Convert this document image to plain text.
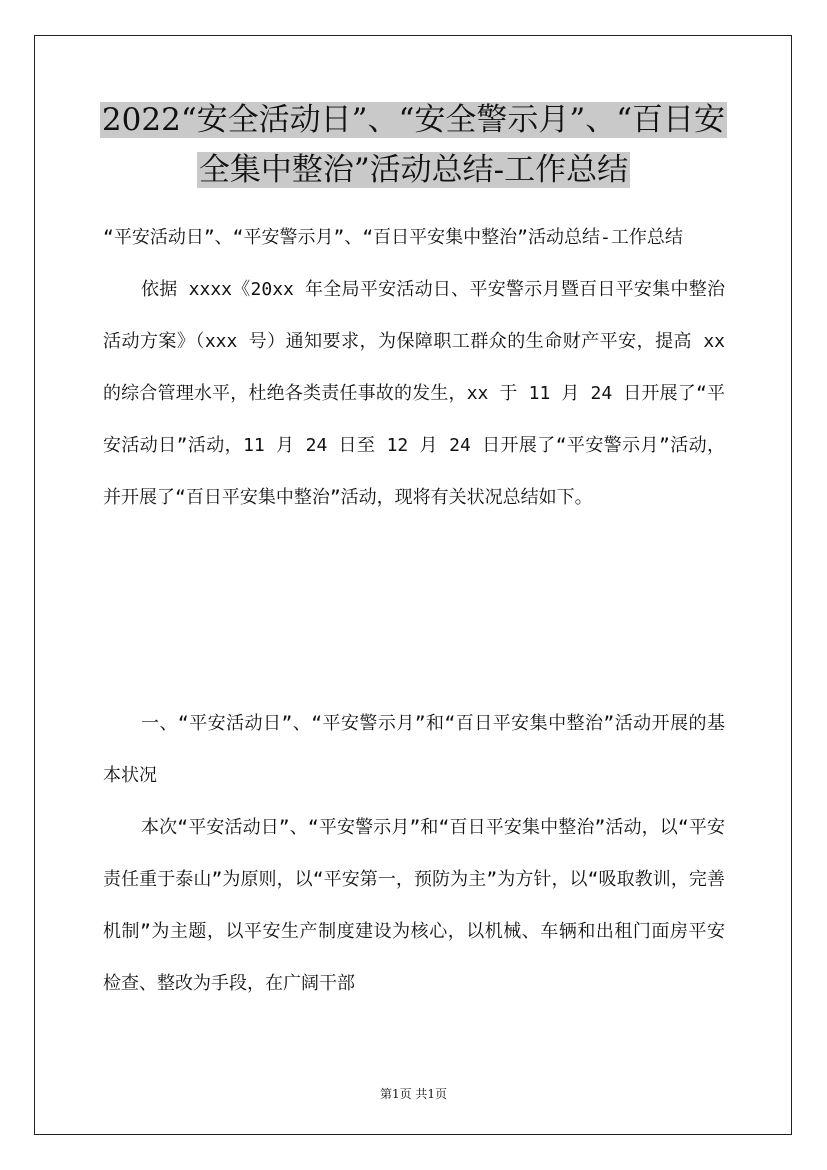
2022“安全活动日”、“安全警示月”、“百日安
全集中整治”活动总结-工作总结

“平安活动日”、“平安警示月”、“百日平安集中整治”活动总结-工作总结

依据 xxxx《20xx 年全局平安活动日、平安警示月暨百日平安集中整治活动方案》（xxx 号）通知要求，为保障职工群众的生命财产平安，提高 xx 的综合管理水平，杜绝各类责任事故的发生，xx 于 11 月 24 日开展了“平安活动日”活动，11 月 24 日至 12 月 24 日开展了“平安警示月”活动，并开展了“百日平安集中整治”活动，现将有关状况总结如下。

一、“平安活动日”、“平安警示月”和“百日平安集中整治”活动开展的基本状况

本次“平安活动日”、“平安警示月”和“百日平安集中整治”活动，以“平安责任重于泰山”为原则，以“平安第一，预防为主”为方针，以“吸取教训，完善机制”为主题，以平安生产制度建设为核心，以机械、车辆和出租门面房平安检查、整改为手段，在广阔干部

第1页 共1页
